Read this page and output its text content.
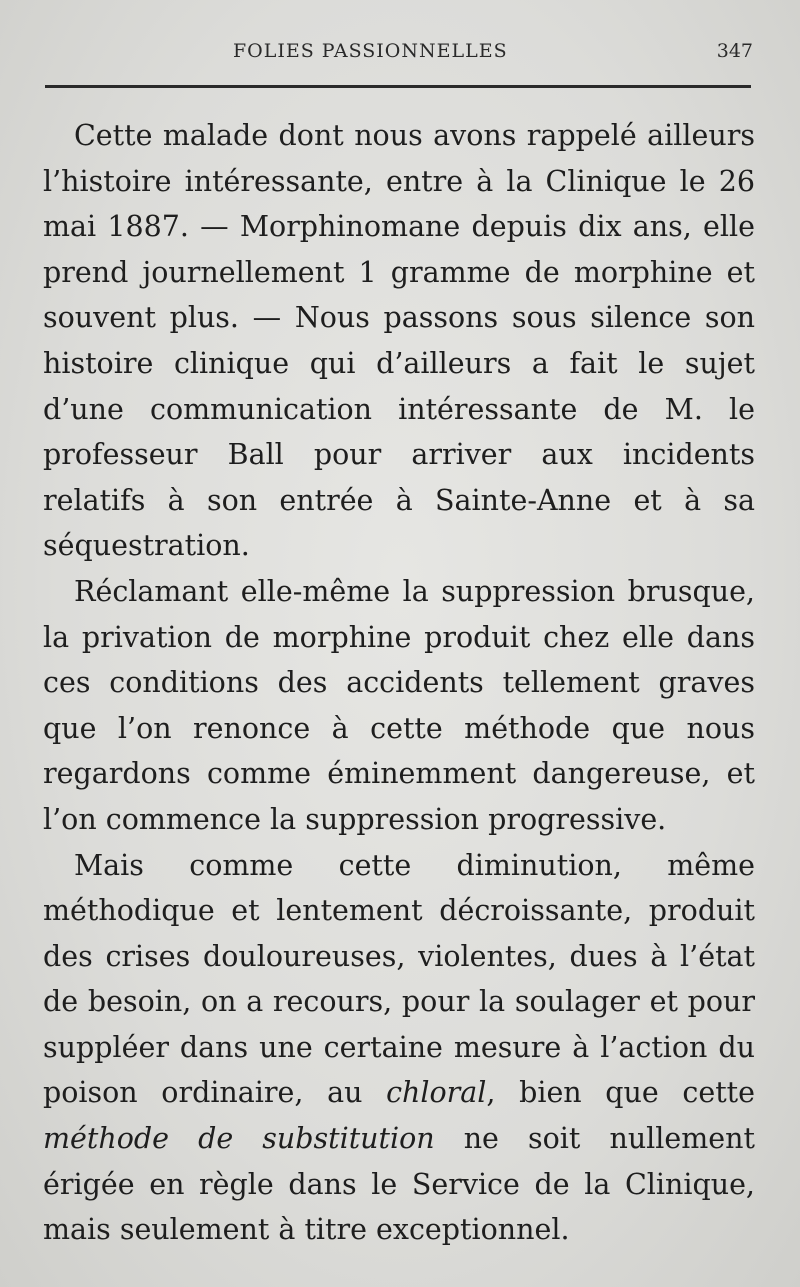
FOLIES PASSIONNELLES	347

Cette malade dont nous avons rappelé ailleurs l’histoire intéressante, entre à la Clinique le 26 mai 1887. — Morphinomane depuis dix ans, elle prend journellement 1 gramme de morphine et souvent plus. — Nous passons sous silence son histoire clinique qui d’ailleurs a fait le sujet d’une communication intéressante de M. le professeur Ball pour arriver aux incidents relatifs à son entrée à Sainte-Anne et à sa séquestration.

Réclamant elle-même la suppression brusque, la privation de morphine produit chez elle dans ces conditions des accidents tellement graves que l’on renonce à cette méthode que nous regardons comme éminemment dangereuse, et l’on commence la suppression progressive.

Mais comme cette diminution, même méthodique et lentement décroissante, produit des crises douloureuses, violentes, dues à l’état de besoin, on a recours, pour la soulager et pour suppléer dans une certaine mesure à l’action du poison ordinaire, au chloral, bien que cette méthode de substitution ne soit nullement érigée en règle dans le Service de la Clinique, mais seulement à titre exceptionnel.
